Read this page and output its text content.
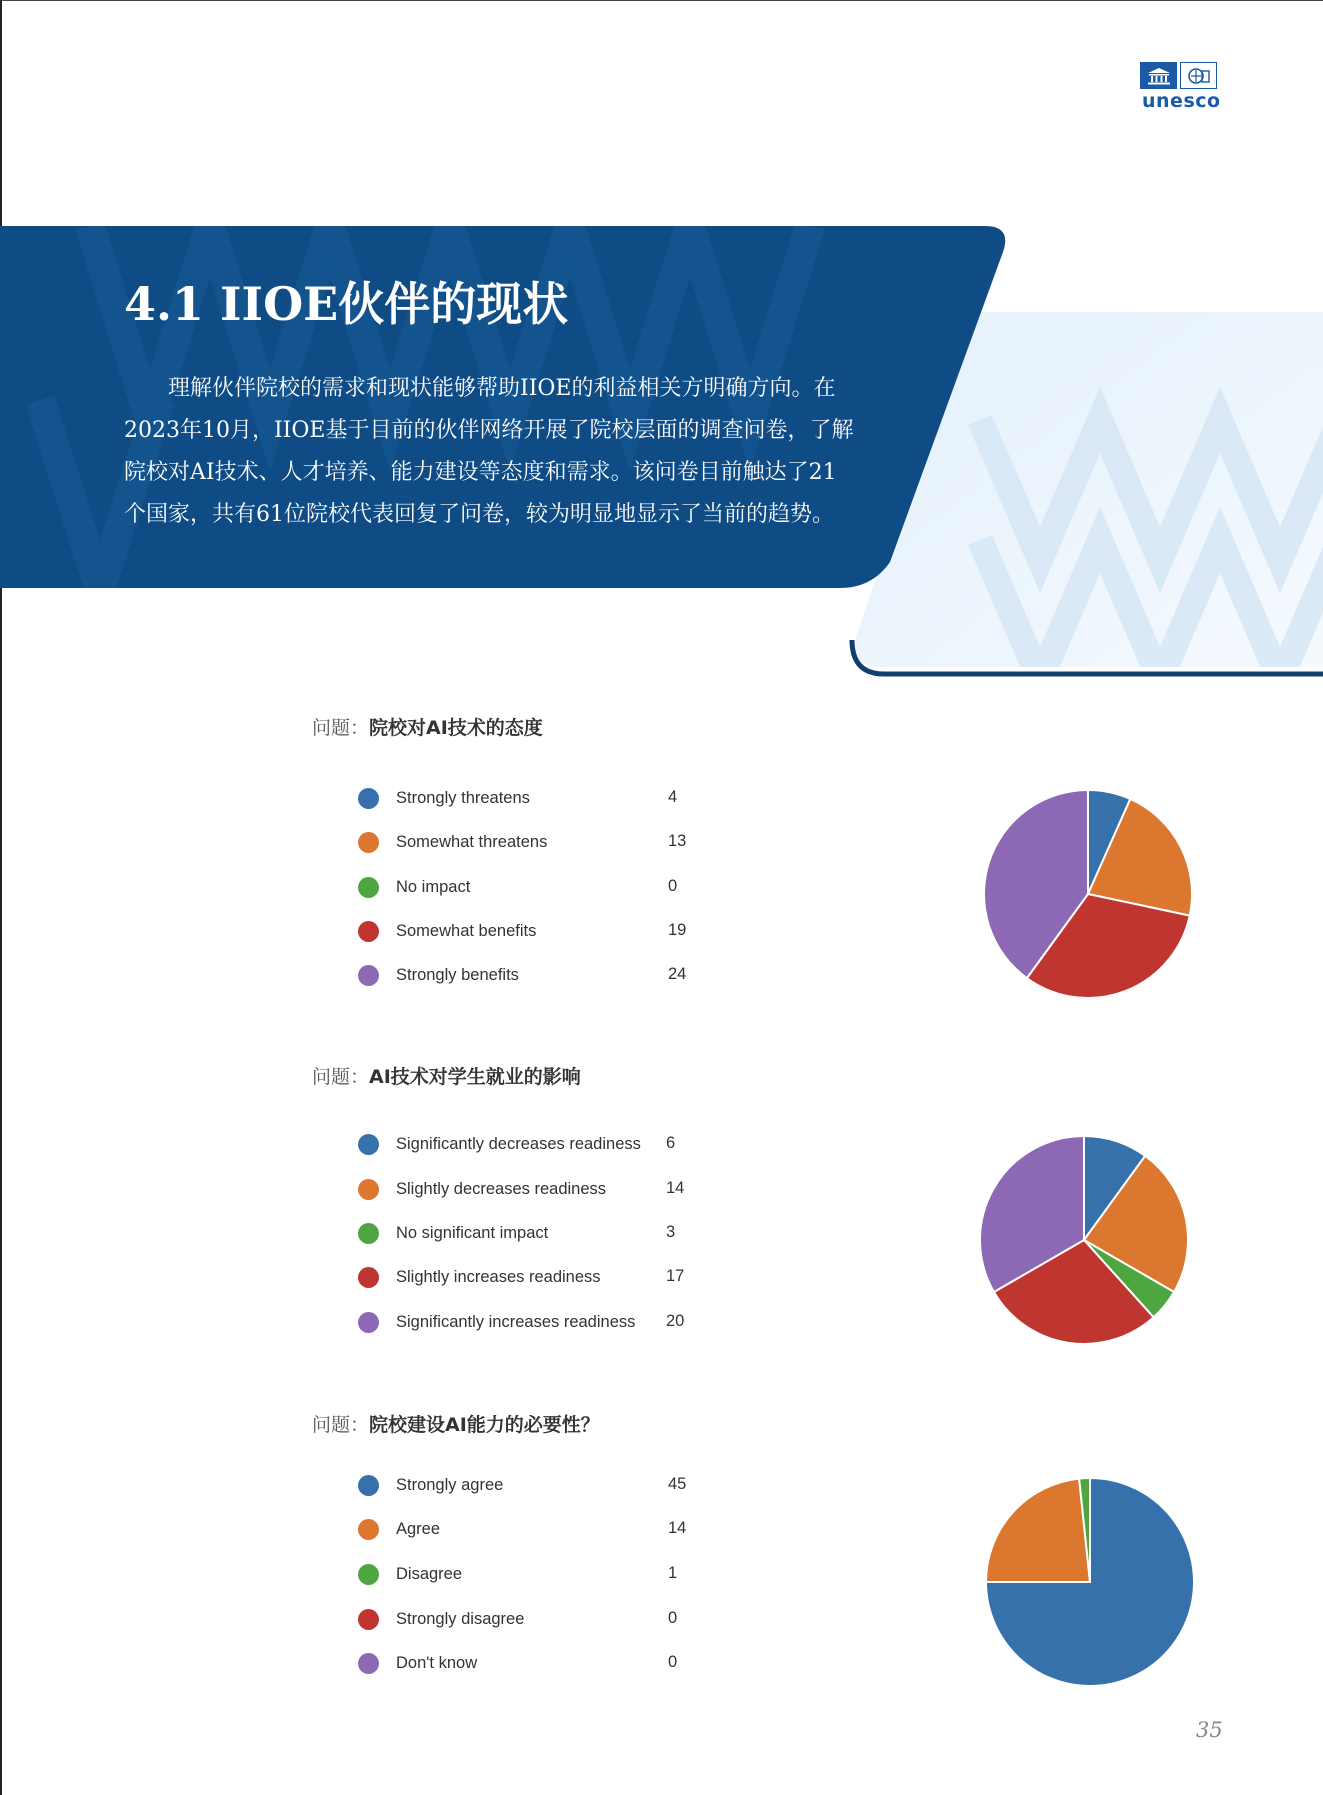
unesco
4.1 IIOE伙伴的现状
理解伙伴院校的需求和现状能够帮助IIOE的利益相关方明确方向。在2023年10月，IIOE基于目前的伙伴网络开展了院校层面的调查问卷，了解院校对AI技术、人才培养、能力建设等态度和需求。该问卷目前触达了21个国家，共有61位院校代表回复了问卷，较为明显地显示了当前的趋势。
问题：院校对AI技术的态度
Strongly threatens
Somewhat threatens
No impact
Somewhat benefits
Strongly benefits
4
13
0
19
24
问题：AI技术对学生就业的影响
Significantly decreases readiness
Slightly decreases readiness
No significant impact
Slightly increases readiness
Significantly increases readiness
6
14
3
17
20
问题：院校建设AI能力的必要性？
Strongly agree
Agree
Disagree
Strongly disagree
Don't know
45
14
1
0
0
35
